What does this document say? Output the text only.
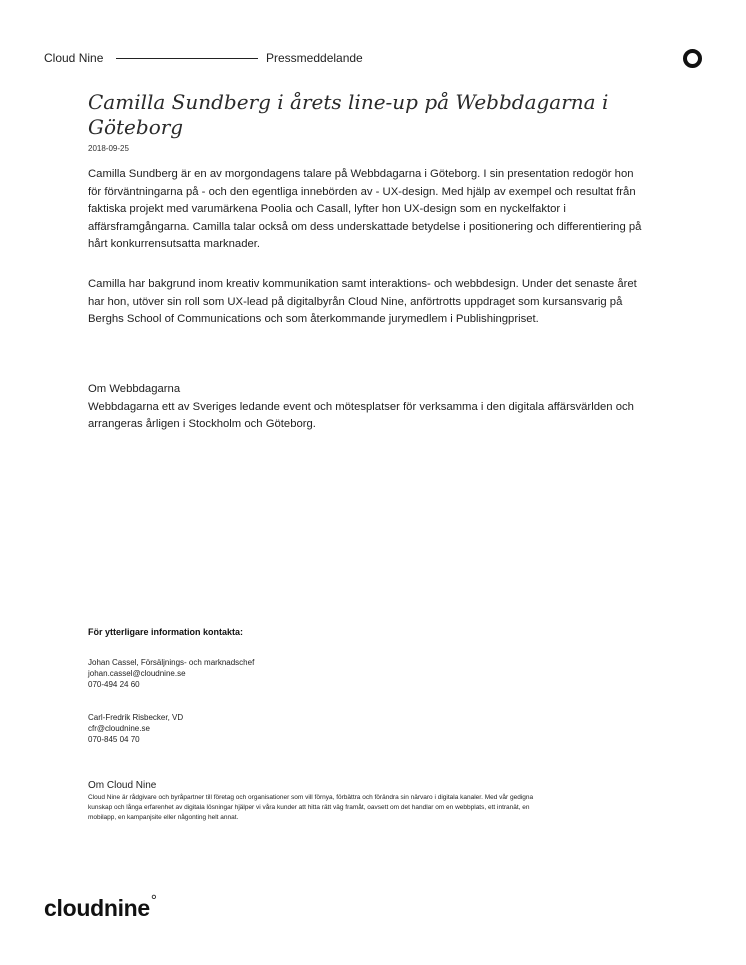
Cloud Nine	Pressmeddelande
Camilla Sundberg i årets line-up på Webbdagarna i Göteborg
2018-09-25

Camilla Sundberg är en av morgondagens talare på Webbdagarna i Göteborg. I sin presentation redogör hon för förväntningarna på - och den egentliga innebörden av - UX-design. Med hjälp av exempel och resultat från faktiska projekt med varumärkena Poolia och Casall, lyfter hon UX-design som en nyckelfaktor i affärsframgångarna. Camilla talar också om dess underskattade betydelse i positionering och differentiering på hårt konkurrensutsatta marknader.

Camilla har bakgrund inom kreativ kommunikation samt interaktions- och webbdesign. Under det senaste året har hon, utöver sin roll som UX-lead på digitalbyrån Cloud Nine, anförtrotts uppdraget som kursansvarig på Berghs School of Communications och som återkommande jurymedlem i Publishingpriset.

Om Webbdagarna
Webbdagarna ett av Sveriges ledande event och mötesplatser för verksamma i den digitala affärsvärlden och arrangeras årligen i Stockholm och Göteborg.
För ytterligare information kontakta:
Johan Cassel, Försäljnings- och marknadschef
johan.cassel@cloudnine.se
070-494 24 60
Carl-Fredrik Risbecker, VD
cfr@cloudnine.se
070-845 04 70
Om Cloud Nine
Cloud Nine är rådgivare och byråpartner till företag och organisationer som vill förnya, förbättra och förändra sin närvaro i digitala kanaler. Med vår gedigna kunskap och långa erfarenhet av digitala lösningar hjälper vi våra kunder att hitta rätt väg framåt, oavsett om det handlar om en webbplats, ett intranät, en mobilapp, en kampanjsite eller någonting helt annat.
cloudnine°
